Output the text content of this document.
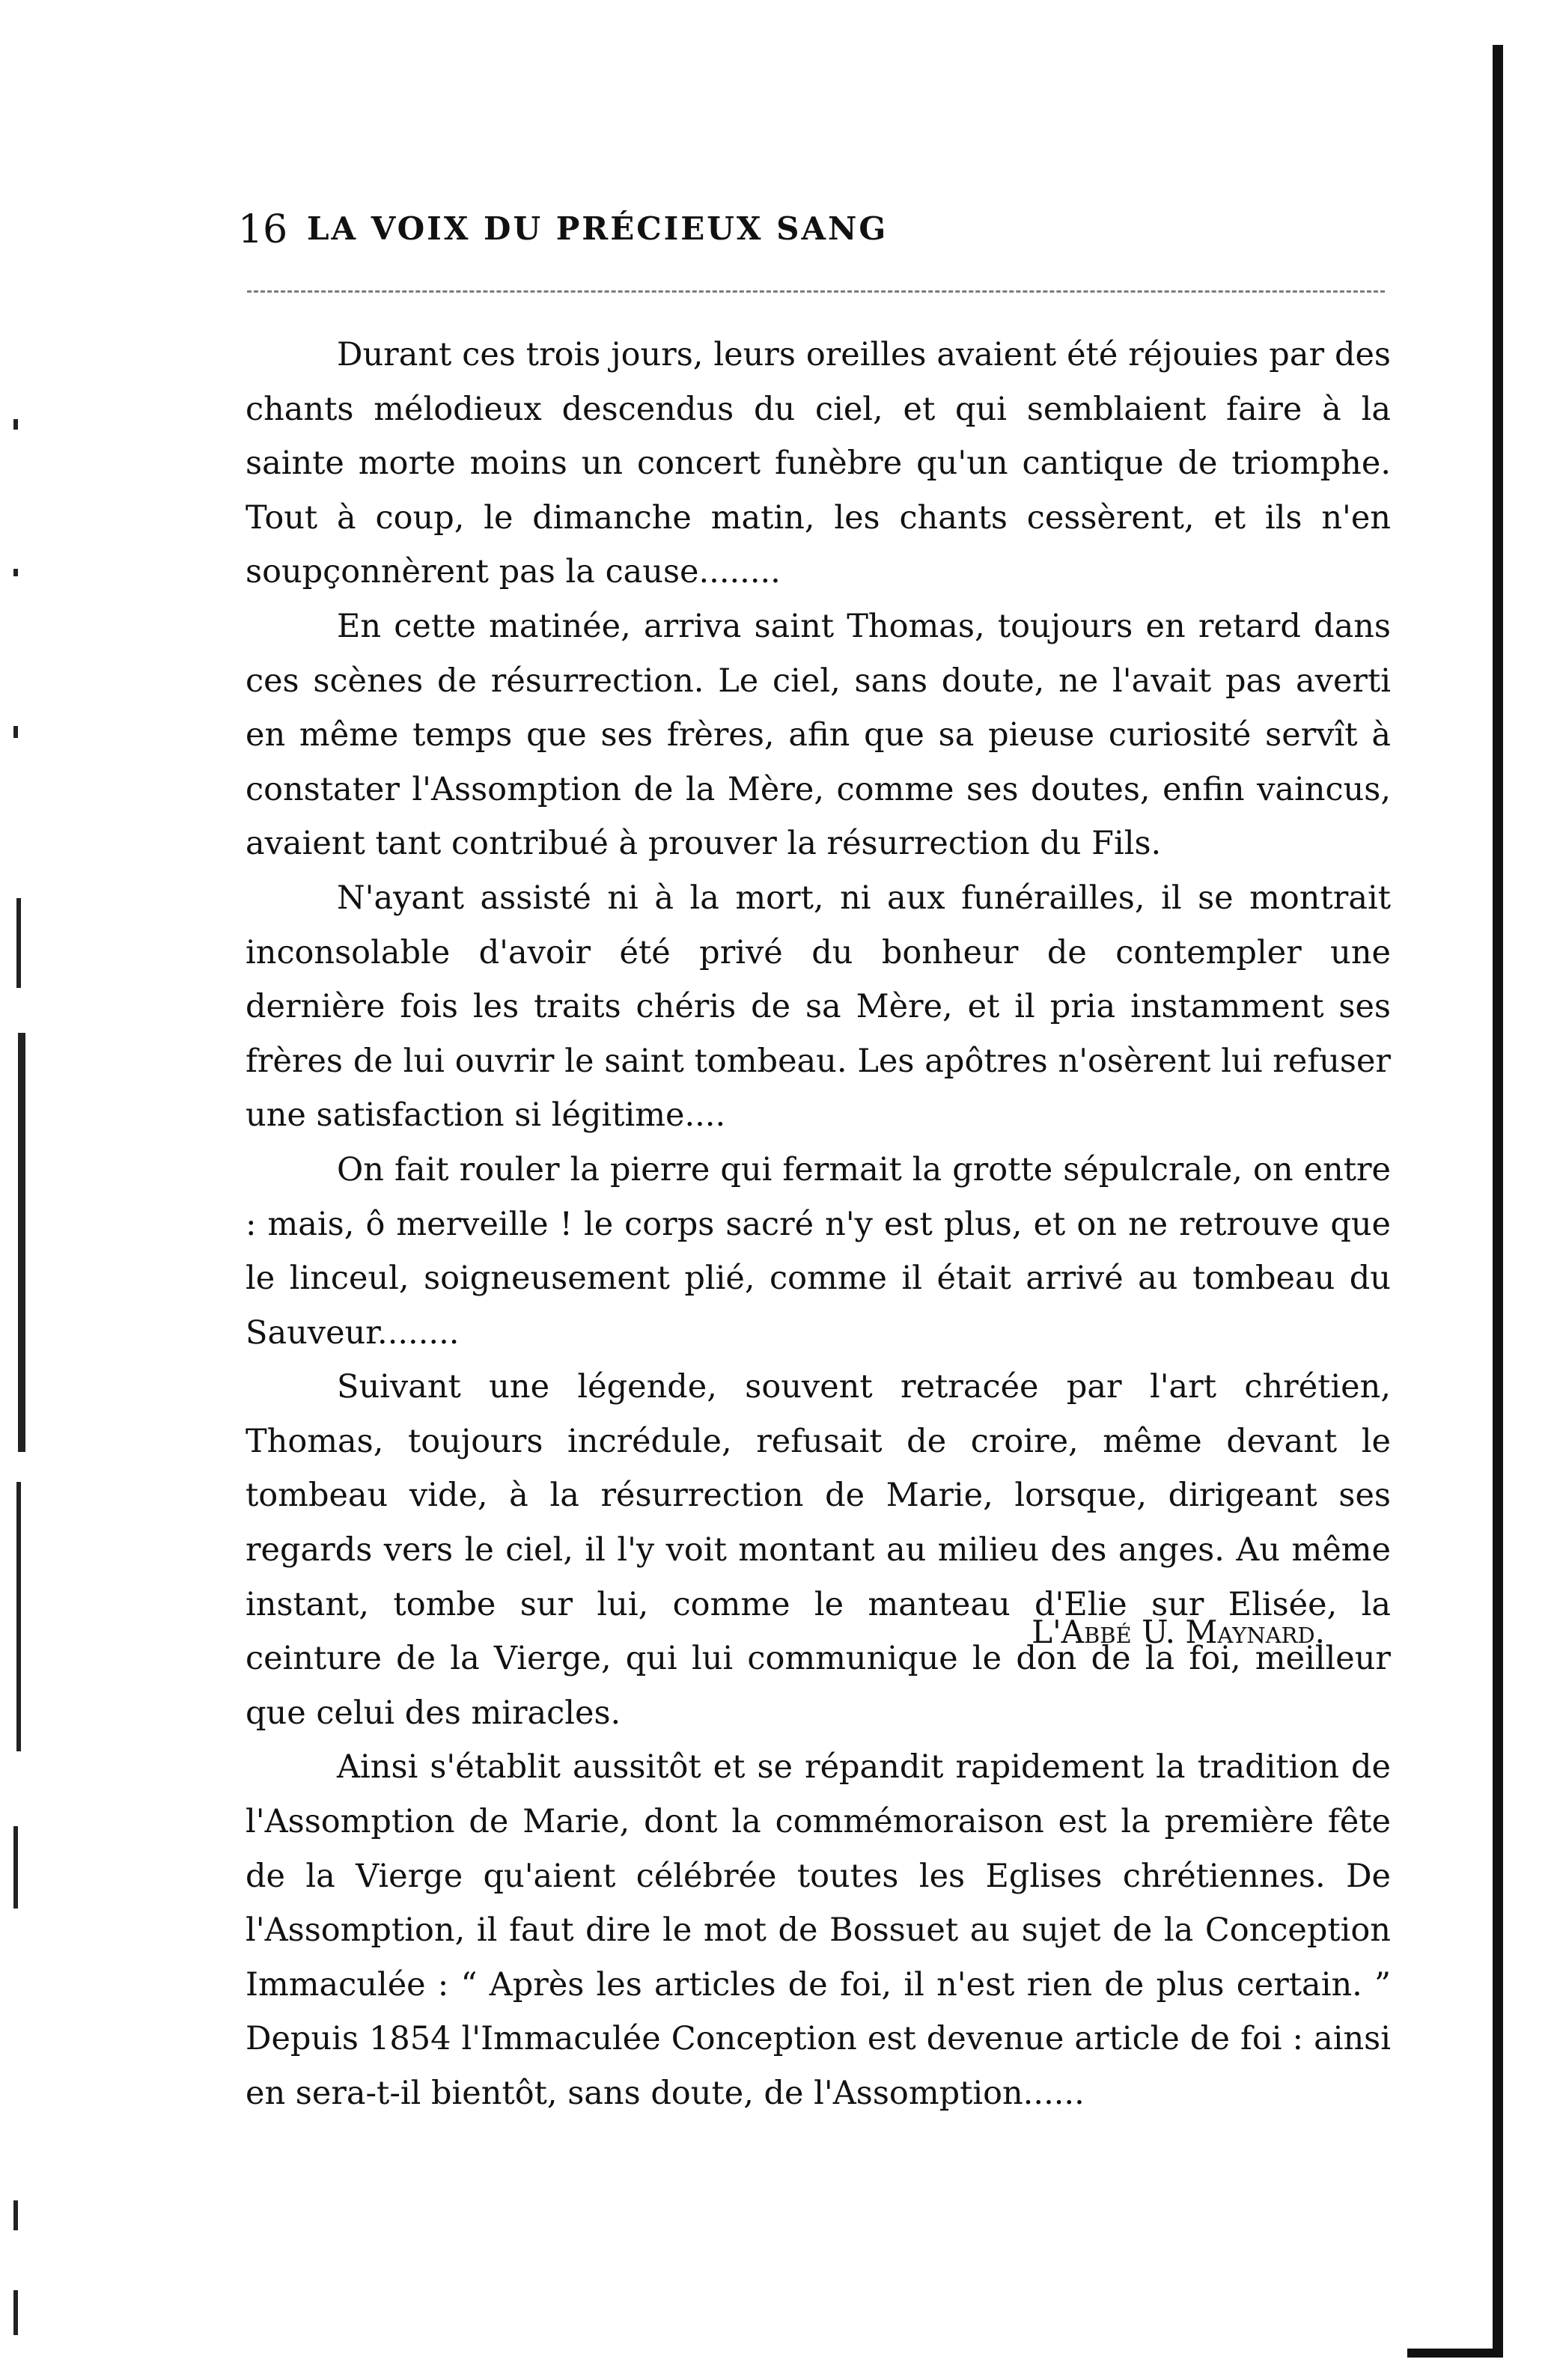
16 LA VOIX DU PRÉCIEUX SANG

Durant ces trois jours, leurs oreilles avaient été réjouies par des chants mélodieux descendus du ciel, et qui semblaient faire à la sainte morte moins un concert funèbre qu'un cantique de triomphe. Tout à coup, le dimanche matin, les chants cessèrent, et ils n'en soupçonnèrent pas la cause........

En cette matinée, arriva saint Thomas, toujours en retard dans ces scènes de résurrection. Le ciel, sans doute, ne l'avait pas averti en même temps que ses frères, afin que sa pieuse curiosité servît à constater l'Assomption de la Mère, comme ses doutes, enfin vaincus, avaient tant contribué à prouver la résurrection du Fils.

N'ayant assisté ni à la mort, ni aux funérailles, il se montrait inconsolable d'avoir été privé du bonheur de contempler une dernière fois les traits chéris de sa Mère, et il pria instamment ses frères de lui ouvrir le saint tombeau. Les apôtres n'osèrent lui refuser une satisfaction si légitime....

On fait rouler la pierre qui fermait la grotte sépulcrale, on entre : mais, ô merveille ! le corps sacré n'y est plus, et on ne retrouve que le linceul, soigneusement plié, comme il était arrivé au tombeau du Sauveur........

Suivant une légende, souvent retracée par l'art chrétien, Thomas, toujours incrédule, refusait de croire, même devant le tombeau vide, à la résurrection de Marie, lorsque, dirigeant ses regards vers le ciel, il l'y voit montant au milieu des anges. Au même instant, tombe sur lui, comme le manteau d'Elie sur Elisée, la ceinture de la Vierge, qui lui communique le don de la foi, meilleur que celui des miracles.

Ainsi s'établit aussitôt et se répandit rapidement la tradition de l'Assomption de Marie, dont la commémoraison est la première fête de la Vierge qu'aient célébrée toutes les Eglises chrétiennes. De l'Assomption, il faut dire le mot de Bossuet au sujet de la Conception Immaculée : “ Après les articles de foi, il n'est rien de plus certain. ” Depuis 1854 l'Immaculée Conception est devenue article de foi : ainsi en sera-t-il bientôt, sans doute, de l'Assomption......

L'Abbé U. Maynard.
